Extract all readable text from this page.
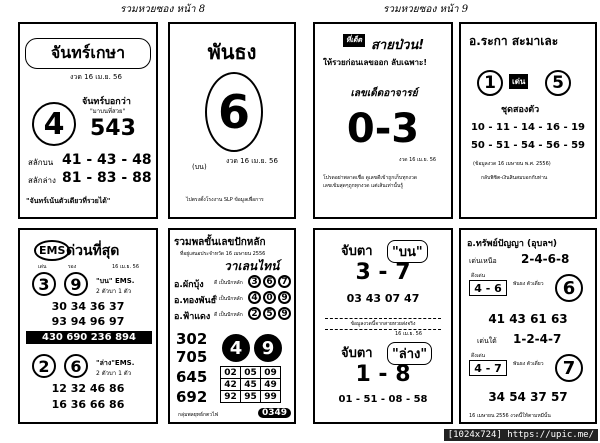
รวมหวยซอง หน้า 8
จันทร์เกษา
งวด 16 เม.ย. 56
4
จันทร์บอกว่า
"มาบนที่สวย"
543
สลักบน 41 - 43 - 48
สลักล่าง 81 - 83 - 88
"จันทร์เน้นตัวเดียวที่รวยได้"
พันธง
6
(บน)
งวด 16 เม.ย. 56
ไปตรงตั้งโรงงาน SLP ข้อมูลเพื่อการ
EMS ด่วนที่สุด
เด่น	รอง	16 เม.ย. 56
3 9 "บน" EMS.
2 ตัวบา 1 ตัว
30 34 36 37
93 94 96 97
430 690 236 894
2 6 "ล่าง"EMS.
2 ตัวบา 1 ตัว
12 32 46 86
16 36 66 86
รวมพลขั้นเลขปักหลัก
ที่อยู่เสนอประจำหวัด 16 เมษายน 2556
วาเลนไทน์
อ.ผักบุ้ง ดี เป็นปักหลัก 3 6 7
อ.ทองพันธ์
ดี เป็นปักหลัก 4 0 9
อ.ฟ้าแดง ดี เป็นปักหลัก 2 5 9
302
705
645
692
4 9
02	05	09
42	45	49
92	95	99
กลุ่มพลยุทธ์กตวไฟ	0349
รวมหวยซอง หน้า 9
ที่เด็ด สายป่วน!
ให้รวยก่อนเลขออก ลับเฉพาะ!
เลขเด็ดอาจารย์
0-3
งวด 16 เม.ย. 56
โปรดอย่าพลาดเชื่อ ดูเลขดีเข้าถูกเก็บทุกงวด
เลขเข้มสุดๆถูกทุกงวด แต่เส้นเท่านั้นรู้
อ.ระกา สะมาเละ
1	เด่น 5
ชุดสองตัว
10 - 11 - 14 - 16 - 19
50 - 51 - 54 - 56 - 59
(ข้อมูลงวด 16 เมษายน พ.ศ. 2556)
กลับพิชิต-เงินสินสมบอกกับท่าน
จับตา	"บน"
3 - 7
03 43 07 47
ข้อมูลงวดนี้จากสายหวยส่งจริง
16 เม.ย. 56
จับตา	"ล่าง"
1 - 8
01 - 51 - 08 - 58
อ.ทรัพย์ปัญญา (อุบลฯ)
เด่นเหนือ 2-4-6-8
ดึงเด่น
4 - 6 พันธง ตัวเดี่ยว 6
41 43 61 63
เด่นใต้ 1-2-4-7
ดึงเด่น
4 - 7 พันธง ตัวเดี่ยว 7
34 54 37 57
16 เมษายน 2556 งวดนี้ให้ตามหมีนั้น
[1024x724] https://upic.me/
